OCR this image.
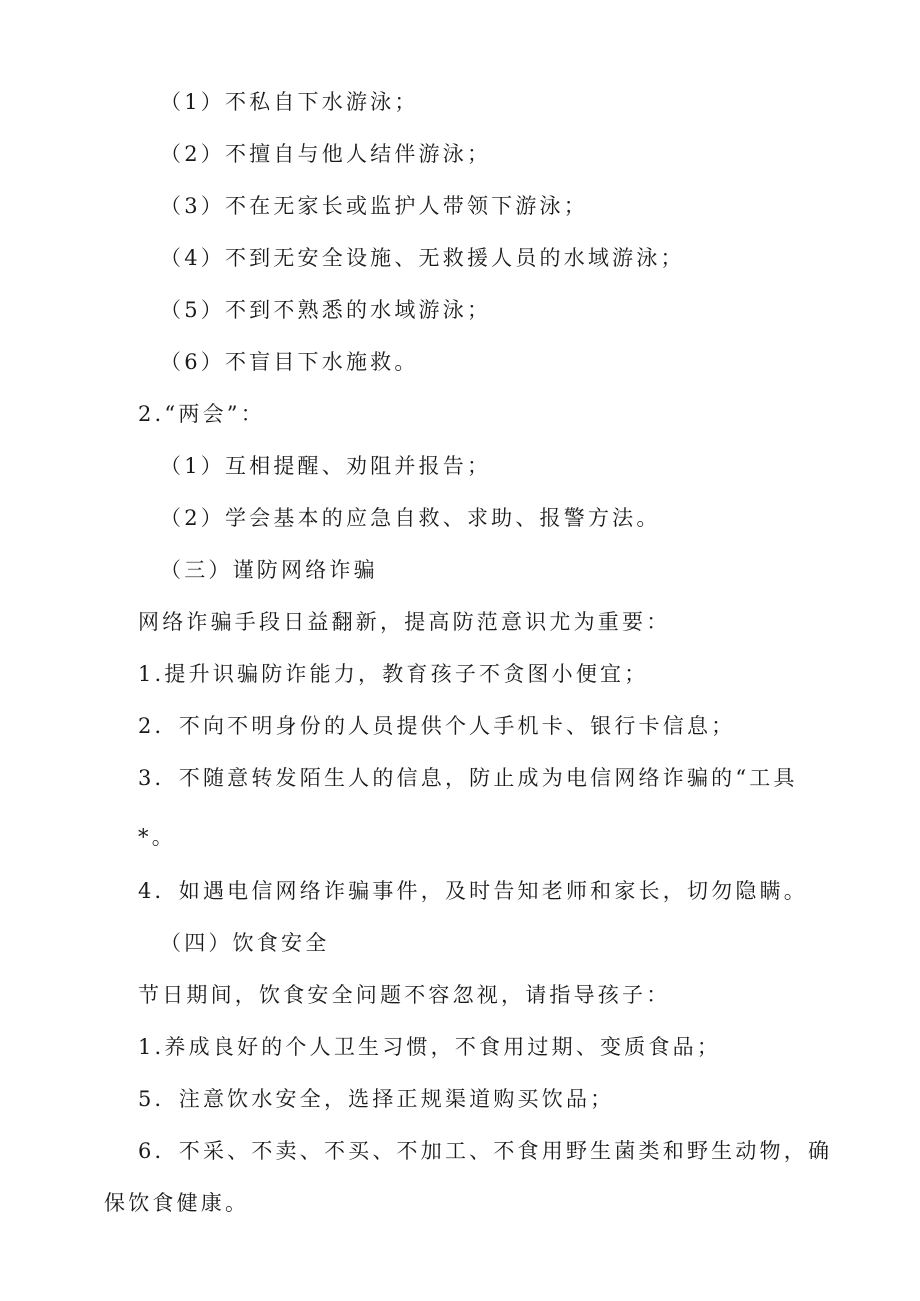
（1）不私自下水游泳；
（2）不擅自与他人结伴游泳；
（3）不在无家长或监护人带领下游泳；
（4）不到无安全设施、无救援人员的水域游泳；
（5）不到不熟悉的水域游泳；
（6）不盲目下水施救。
2.“两会”：
（1）互相提醒、劝阻并报告；
（2）学会基本的应急自救、求助、报警方法。
（三）谨防网络诈骗
网络诈骗手段日益翻新，提高防范意识尤为重要：
1.提升识骗防诈能力，教育孩子不贪图小便宜；
2．不向不明身份的人员提供个人手机卡、银行卡信息；
3．不随意转发陌生人的信息，防止成为电信网络诈骗的“工具
*。
4．如遇电信网络诈骗事件，及时告知老师和家长，切勿隐瞒。
（四）饮食安全
节日期间，饮食安全问题不容忽视，请指导孩子：
1.养成良好的个人卫生习惯，不食用过期、变质食品；
5．注意饮水安全，选择正规渠道购买饮品；
6．不采、不卖、不买、不加工、不食用野生菌类和野生动物，确
保饮食健康。
